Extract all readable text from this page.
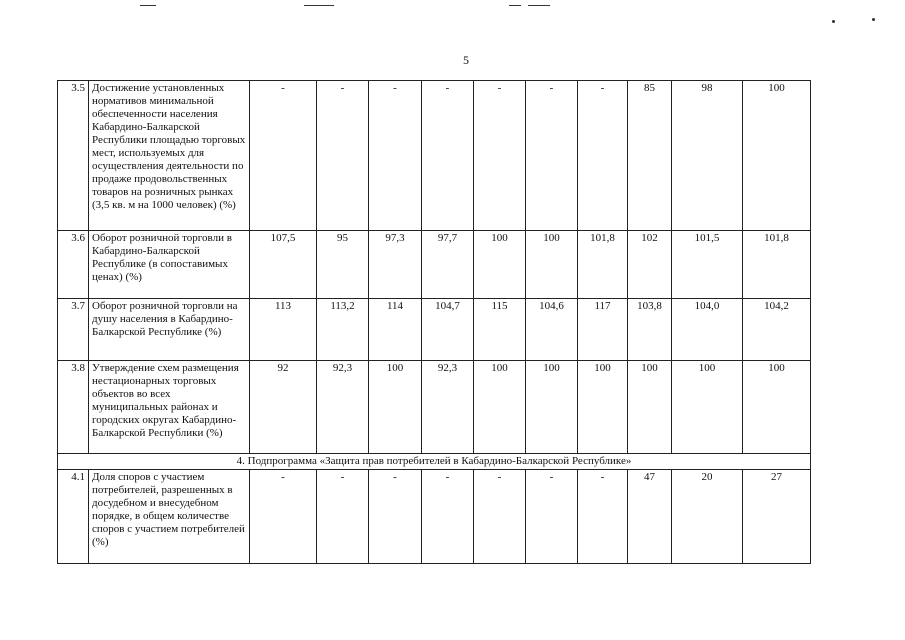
5
3.5	Достижение установленных нормативов минимальной обеспеченности населения Кабардино-Балкарской Республики площадью торговых мест, используемых для осуществления деятельности по продаже продовольственных товаров на розничных рынках (3,5 кв. м на 1000 человек) (%)	-	-	-	-	-	-	-	85	98	100
3.6	Оборот розничной торговли в Кабардино-Балкарской Республике (в сопоставимых ценах) (%)	107,5	95	97,3	97,7	100	100	101,8	102	101,5	101,8
3.7	Оборот розничной торговли на душу населения в Кабардино-Балкарской Республике (%)	113	113,2	114	104,7	115	104,6	117	103,8	104,0	104,2
3.8	Утверждение схем размещения нестационарных торговых объектов во всех муниципальных районах и городских округах Кабардино-Балкарской Республики (%)	92	92,3	100	92,3	100	100	100	100	100	100
4. Подпрограмма «Защита прав потребителей в Кабардино-Балкарской Республике»											
4.1	Доля споров с участием потребителей, разрешенных в досудебном и внесудебном порядке, в общем количестве споров с участием потребителей (%)	-	-	-	-	-	-	-	47	20	27
